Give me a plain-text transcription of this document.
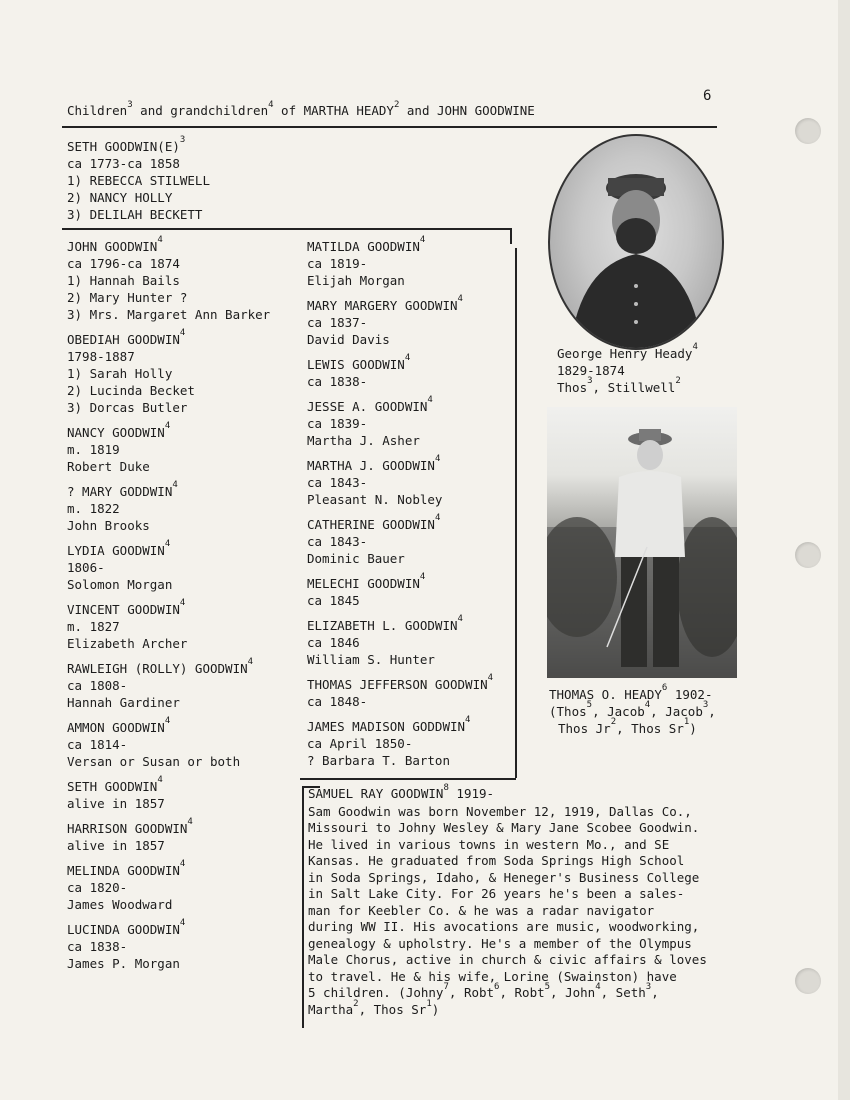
6
Children$^3$ and grandchildren$^4$ of MARTHA HEADY$^2$ and JOHN GOODWINE
SETH $GOODWIN(E)^3$
ca 1773-ca 1858
1) REBECCA STILWELL
2) NANCY HOLLY
3) DELILAH BECKETT
JOHN GOODWIN$^4$
ca 1796-ca 1874
1) Hannah Bails
2) Mary Hunter ?
3) Mrs. Margaret Ann Barker
OBEDIAH GOODWIN$^4$
1798-1887
1) Sarah Holly
2) Lucinda Becket
3) Dorcas Butler
NANCY GOODWIN$^4$
m. 1819
Robert Duke
? MARY GODDWIN$^4$
m. 1822
John Brooks
LYDIA GOODWIN$^4$
1806-
Solomon Morgan
VINCENT GOODWIN$^4$
m. 1827
Elizabeth Archer
RAWLEIGH (ROLLY) GOODWIN$^4$
ca 1808-
Hannah Gardiner
AMMON GOODWIN$^4$
ca 1814-
Versan or Susan or both
SETH GOODWIN$^4$
alive in 1857
HARRISON GOODWIN$^4$
alive in 1857
MELINDA GOODWIN$^4$
ca 1820-
James Woodward
LUCINDA GOODWIN$^4$
ca 1838-
James P. Morgan
MATILDA GOODWIN$^4$
ca 1819-
Elijah Morgan
MARY MARGERY GOODWIN$^4$
ca 1837-
David Davis
LEWIS GOODWIN$^4$
ca 1838-
JESSE A. GOODWIN$^4$
ca 1839-
Martha J. Asher
MARTHA J. GOODWIN$^4$
ca 1843-
Pleasant N. Nobley
CATHERINE GOODWIN$^4$
ca 1843-
Dominic Bauer
MELECHI GOODWIN$^4$
ca 1845
ELIZABETH L. GOODWIN$^4$
ca 1846
William S. Hunter
THOMAS JEFFERSON GOODWIN$^4$
ca 1848-
JAMES MADISON GODDWIN$^4$
ca April 1850-
? Barbara T. Barton
George Henry Heady$^4$
1829-1874
Thos$^3$, Stillwell$^2$
THOMAS O. HEADY$^6$ 1902-
(Thos$^5$, Jacob$^4$, Jacob$^3$,
Thos Jr$^2$, Thos Sr$^1$)
SAMUEL RAY GOODWIN$^8$ 1919-
Sam Goodwin was born November 12, 1919, Dallas Co.,
Missouri to Johny Wesley & Mary Jane Scobee Goodwin.
He lived in various towns in western Mo., and SE
Kansas. He graduated from Soda Springs High School
in Soda Springs, Idaho, & Heneger's Business College
in Salt Lake City. For 26 years he's been a sales-
man for Keebler Co. & he was a radar navigator
during WW II. His avocations are music, woodworking,
genealogy & upholstry. He's a member of the Olympus
Male Chorus, active in church & civic affairs & loves
to travel. He & his wife, Lorine (Swainston) have
5 children. (Johny$^7$, Robt$^6$, Robt$^5$, John$^4$, Seth$^3$,
Martha$^2$, Thos Sr$^1$)
